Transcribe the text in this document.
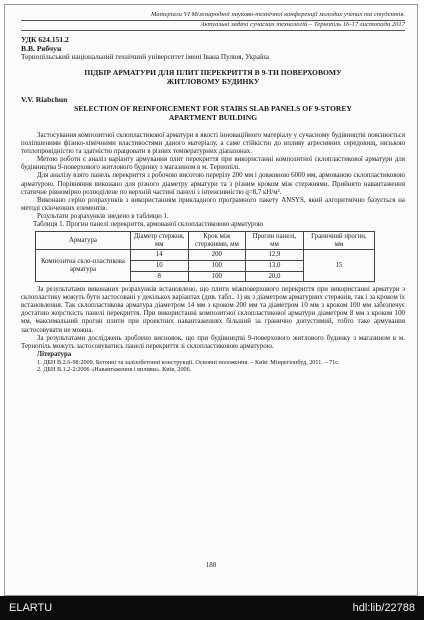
Матеріали VI Міжнародної науково-технічної конференції молодих учених та студентів.
Актуальні задачі сучасних технологій – Тернопіль 16-17 листопада 2017
УДК 624.151.2
В.В. Рябчун
Тернопільський національний технічний університет імені Івана Пулюя, Україна
ПІДБІР АРМАТУРИ ДЛЯ ПЛИТ ПЕРЕКРИТТЯ В 9-ТИ ПОВЕРХОВОМУ ЖИТЛОВОМУ БУДИНКУ
V.V. Riabchun
SELECTION OF REINFORCEMENT FOR STAIRS SLAB PANELS OF 9-STOREY APARTMENT BUILDING

Застосування композитної склопластикової арматури в якості інноваційного матеріалу у сучасному будівництві пояснюється поліпшеними фізико-хімічними властивостями даного матеріалу, а саме стійкістю до впливу агресивних середовищ, низькою теплопровідністю та здатністю працювати в різних температурних діапазонах.

Метою роботи є аналіз варіанту армування плит перекриття при використанні композитної склопластикової арматури для будівництва 9-поверхового житлового будинку з магазином в м. Тернопілі.

Для аналізу взято панель перекриття з робочою висотою перерізу 200 мм і довжиною 6000 мм, армованою склопластиковою арматурою. Порівняння виконано для різного діаметру арматури та з різним кроком між стержнями. Прийнято навантаження статичне рівномірно розподілене по верхній частині панелі з інтенсивністю q=8,7 кН/м².

Виконано серію розрахунків з використанням прикладного програмного пакету ANSYS, який алгоритмічно базується на методі скінченних елементів.

Результати розрахунків зведено в таблицю 1.

Таблиця 1. Прогин панелі перекриття, армованої склопластиковою арматурою
Арматура	Діаметр стержня, мм	Крок між стержнями, мм	Прогин панелі, мм	Граничний прогин, мм
Композитна скло-пластикова арматура	14	200	12,9	15
	10	100	13,0	
	8	100	20,0	

За результатами виконаних розрахунків встановлено, що плити міжповерхового перекриття при використанні арматури з склопластику можуть бути застосовані у декількох варіантах (див. табл.. 1) як з діаметром арматурних стержнів, так і за кроком їх встановлення. Так склопластикова арматура діаметром 14 мм з кроком 200 мм та діаметром 10 мм з кроком 100 мм забезпечує достатню жорсткість панелі перекриття. При використанні композитної склопластикової арматури діаметром 8 мм з кроком 100 мм, максимальний прогин плити при проектних навантаженнях більший за гранично допустимий, тобто таке армування застосовувати не можна.

За результатами досліджень зроблено висновок, що при будівництві 9-поверхового житлового будинку з магазином в м. Тернопіль можуть застосовуватись панелі перекриття зі склопластиковою арматурою.

Література
1. ДБН В.2.6-98:2009. Бетонні та залізобетонні конструкції. Основні положення. – Київ: Мінрегіонбуд, 2011. – 71с.
2. ДБН В.1.2-2:2006 «Навантаження і впливи». Київ, 2006.
188
ELARTU	hdl:lib/22788
